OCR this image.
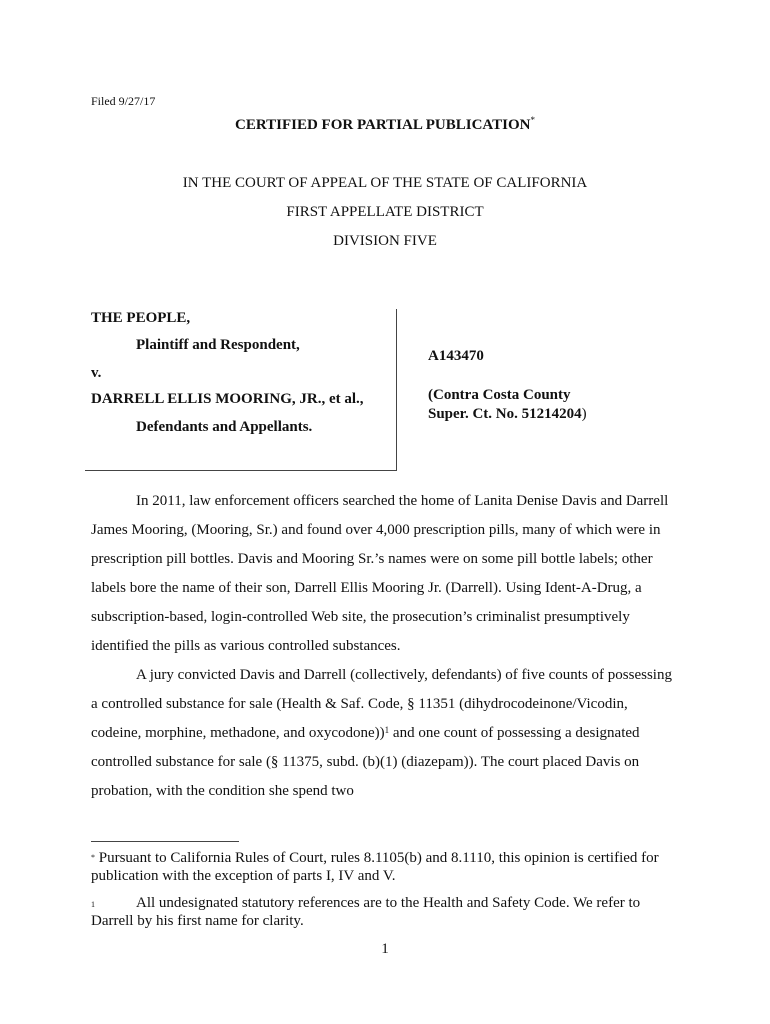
Filed 9/27/17
CERTIFIED FOR PARTIAL PUBLICATION*
IN THE COURT OF APPEAL OF THE STATE OF CALIFORNIA
FIRST APPELLATE DISTRICT
DIVISION FIVE
THE PEOPLE,
Plaintiff and Respondent,
v.
DARRELL ELLIS MOORING, JR., et al.,
Defendants and Appellants.
A143470
(Contra Costa County
Super. Ct. No. 51214204)

In 2011, law enforcement officers searched the home of Lanita Denise Davis and Darrell James Mooring, (Mooring, Sr.) and found over 4,000 prescription pills, many of which were in prescription pill bottles. Davis and Mooring Sr.’s names were on some pill bottle labels; other labels bore the name of their son, Darrell Ellis Mooring Jr. (Darrell). Using Ident-A-Drug, a subscription-based, login-controlled Web site, the prosecution’s criminalist presumptively identified the pills as various controlled substances.

A jury convicted Davis and Darrell (collectively, defendants) of five counts of possessing a controlled substance for sale (Health & Saf. Code, § 11351 (dihydrocodeinone/Vicodin, codeine, morphine, methadone, and oxycodone))$^1$ and one count of possessing a designated controlled substance for sale (§ 11375, subd. (b)(1) (diazepam)). The court placed Davis on probation, with the condition she spend two

* Pursuant to California Rules of Court, rules 8.1105(b) and 8.1110, this opinion is certified for publication with the exception of parts I, IV and V.
1	All undesignated statutory references are to the Health and Safety Code. We refer to Darrell by his first name for clarity.
1
